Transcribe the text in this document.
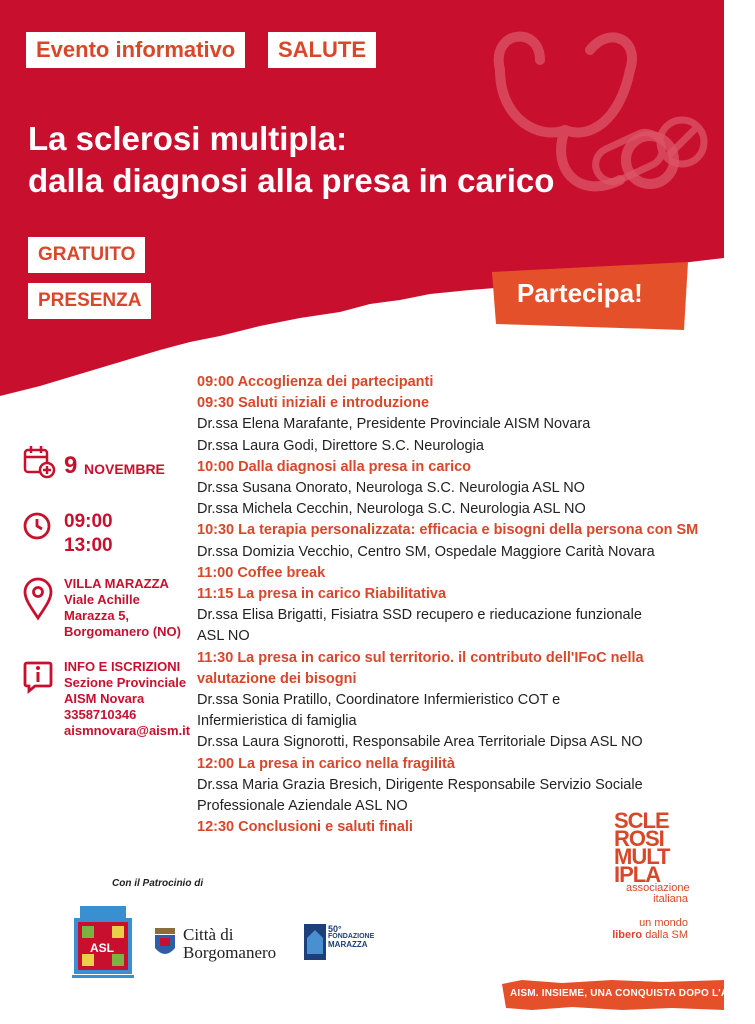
Evento informativo	SALUTE
La sclerosi multipla:
dalla diagnosi alla presa in carico
GRATUITO
PRESENZA	Partecipa!
9 NOVEMBRE
09:00
13:00
VILLA MARAZZA
Viale Achille
Marazza 5,
Borgomanero (NO)
INFO E ISCRIZIONI
Sezione Provinciale
AISM Novara
3358710346
aismnovara@aism.it
09:00 Accoglienza dei partecipanti
09:30 Saluti iniziali e introduzione
Dr.ssa Elena Marafante, Presidente Provinciale AISM Novara
Dr.ssa Laura Godi, Direttore S.C. Neurologia
10:00 Dalla diagnosi alla presa in carico
Dr.ssa Susana Onorato, Neurologa S.C. Neurologia ASL NO
Dr.ssa Michela Cecchin, Neurologa S.C. Neurologia ASL NO
10:30 La terapia personalizzata: efficacia e bisogni della persona con SM
Dr.ssa Domizia Vecchio, Centro SM, Ospedale Maggiore Carità Novara
11:00 Coffee break
11:15 La presa in carico Riabilitativa
Dr.ssa Elisa Brigatti, Fisiatra SSD recupero e rieducazione funzionale
ASL NO
11:30 La presa in carico sul territorio. il contributo dell'IFoC nella
valutazione dei bisogni
Dr.ssa Sonia Pratillo, Coordinatore Infermieristico COT e
Infermieristica di famiglia
Dr.ssa Laura Signorotti, Responsabile Area Territoriale Dipsa ASL NO
12:00 La presa in carico nella fragilità
Dr.ssa Maria Grazia Bresich, Dirigente Responsabile Servizio Sociale
Professionale Aziendale ASL NO
12:30 Conclusioni e saluti finali
Con il Patrocinio di
ASL
Città di
Borgomanero
50°
FONDAZIONE
MARAZZA
SCLE
ROSI
MULT
IPLA
associazione
italiana
un mondo
libero dalla SM
AISM. INSIEME, UNA CONQUISTA DOPO L'ALTRA
